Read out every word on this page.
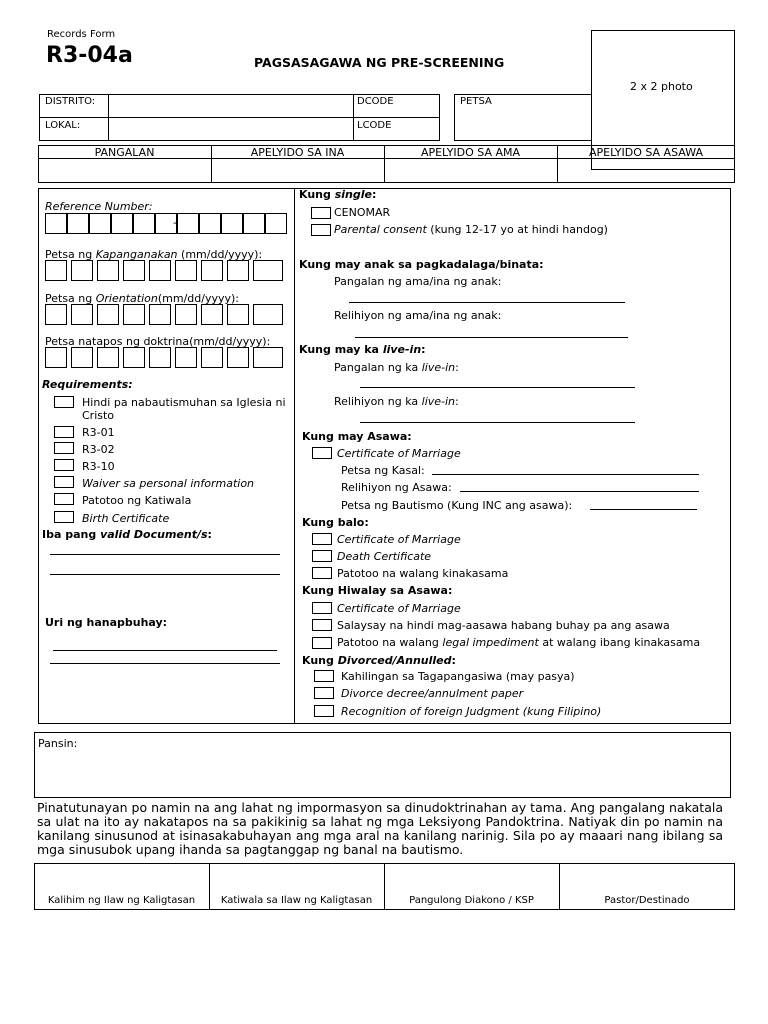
Records Form
R3-04a	PAGSASAGAWA NG PRE-SCREENING
2 x 2 photo
DISTRITO:
LOKAL:
DCODE
LCODE
PETSA
PANGALAN	APELYIDO SA INA	APELYIDO SA AMA	APELYIDO SA ASAWA
Reference Number:
-
Petsa ng Kapanganakan (mm/dd/yyyy):
Petsa ng Orientation(mm/dd/yyyy):
Petsa natapos ng doktrina(mm/dd/yyyy):
Requirements:
Hindi pa nabautismuhan sa Iglesia ni Cristo
R3-01
R3-02
R3-10
Waiver sa personal information
Patotoo ng Katiwala
Birth Certificate
Iba pang valid Document/s:
Uri ng hanapbuhay:
Kung single:
CENOMAR
Parental consent (kung 12-17 yo at hindi handog)
Kung may anak sa pagkadalaga/binata:
Pangalan ng ama/ina ng anak:
Relihiyon ng ama/ina ng anak:
Kung may ka live-in:
Pangalan ng ka live-in:
Relihiyon ng ka live-in:
Kung may Asawa:
Certificate of Marriage
Petsa ng Kasal:
Relihiyon ng Asawa:
Petsa ng Bautismo (Kung INC ang asawa):
Kung balo:
Certificate of Marriage
Death Certificate
Patotoo na walang kinakasama
Kung Hiwalay sa Asawa:
Certificate of Marriage
Salaysay na hindi mag-aasawa habang buhay pa ang asawa
Patotoo na walang legal impediment at walang ibang kinakasama
Kung Divorced/Annulled:
Kahilingan sa Tagapangasiwa (may pasya)
Divorce decree/annulment paper
Recognition of foreign Judgment (kung Filipino)
Pansin:
Pinatutunayan po namin na ang lahat ng impormasyon sa dinudoktrinahan ay tama. Ang pangalang nakatala sa ulat na ito ay nakatapos na sa pakikinig sa lahat ng mga Leksiyong Pandoktrina. Natiyak din po namin na kanilang sinusunod at isinasakabuhayan ang mga aral na kanilang narinig. Sila po ay maaari nang ibilang sa mga sinusubok upang ihanda sa pagtanggap ng banal na bautismo.
Kalihim ng Ilaw ng Kaligtasan	Katiwala sa Ilaw ng Kaligtasan	Pangulong Diakono / KSP	Pastor/Destinado
